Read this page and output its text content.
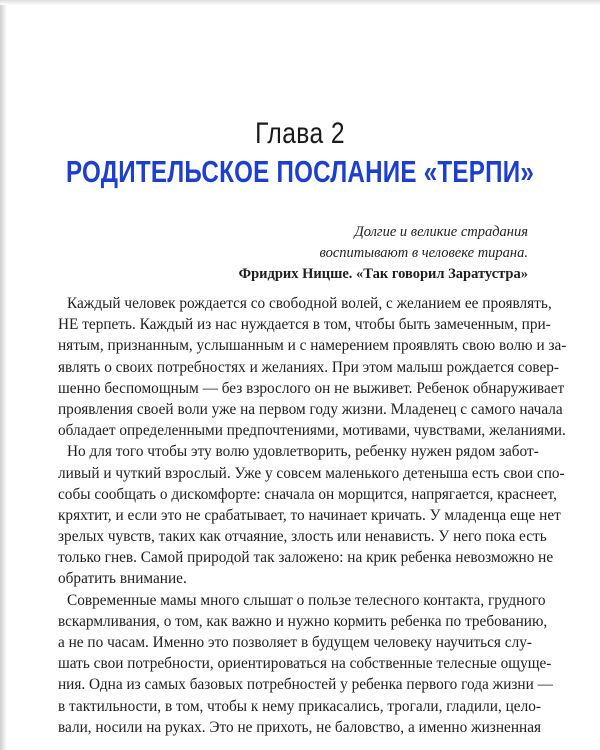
Глава 2
РОДИТЕЛЬСКОЕ ПОСЛАНИЕ «ТЕРПИ»
Долгие и великие страдания
воспитывают в человеке тирана.
Фридрих Ницше. «Так говорил Заратустра»
Каждый человек рождается со свободной волей, с желанием ее проявлять,
НЕ терпеть. Каждый из нас нуждается в том, чтобы быть замеченным, при-
нятым, признанным, услышанным и с намерением проявлять свою волю и за-
являть о своих потребностях и желаниях. При этом малыш рождается совер-
шенно беспомощным — без взрослого он не выживет. Ребенок обнаруживает
проявления своей воли уже на первом году жизни. Младенец с самого начала
обладает определенными предпочтениями, мотивами, чувствами, желаниями.
Но для того чтобы эту волю удовлетворить, ребенку нужен рядом забот-
ливый и чуткий взрослый. Уже у совсем маленького детеныша есть свои спо-
собы сообщать о дискомфорте: сначала он морщится, напрягается, краснеет,
кряхтит, и если это не срабатывает, то начинает кричать. У младенца еще нет
зрелых чувств, таких как отчаяние, злость или ненависть. У него пока есть
только гнев. Самой природой так заложено: на крик ребенка невозможно не
обратить внимание.
Современные мамы много слышат о пользе телесного контакта, грудного
вскармливания, о том, как важно и нужно кормить ребенка по требованию,
а не по часам. Именно это позволяет в будущем человеку научиться слу-
шать свои потребности, ориентироваться на собственные телесные ощуще-
ния. Одна из самых базовых потребностей у ребенка первого года жизни —
в тактильности, в том, чтобы к нему прикасались, трогали, гладили, цело-
вали, носили на руках. Это не прихоть, не баловство, а именно жизненная
